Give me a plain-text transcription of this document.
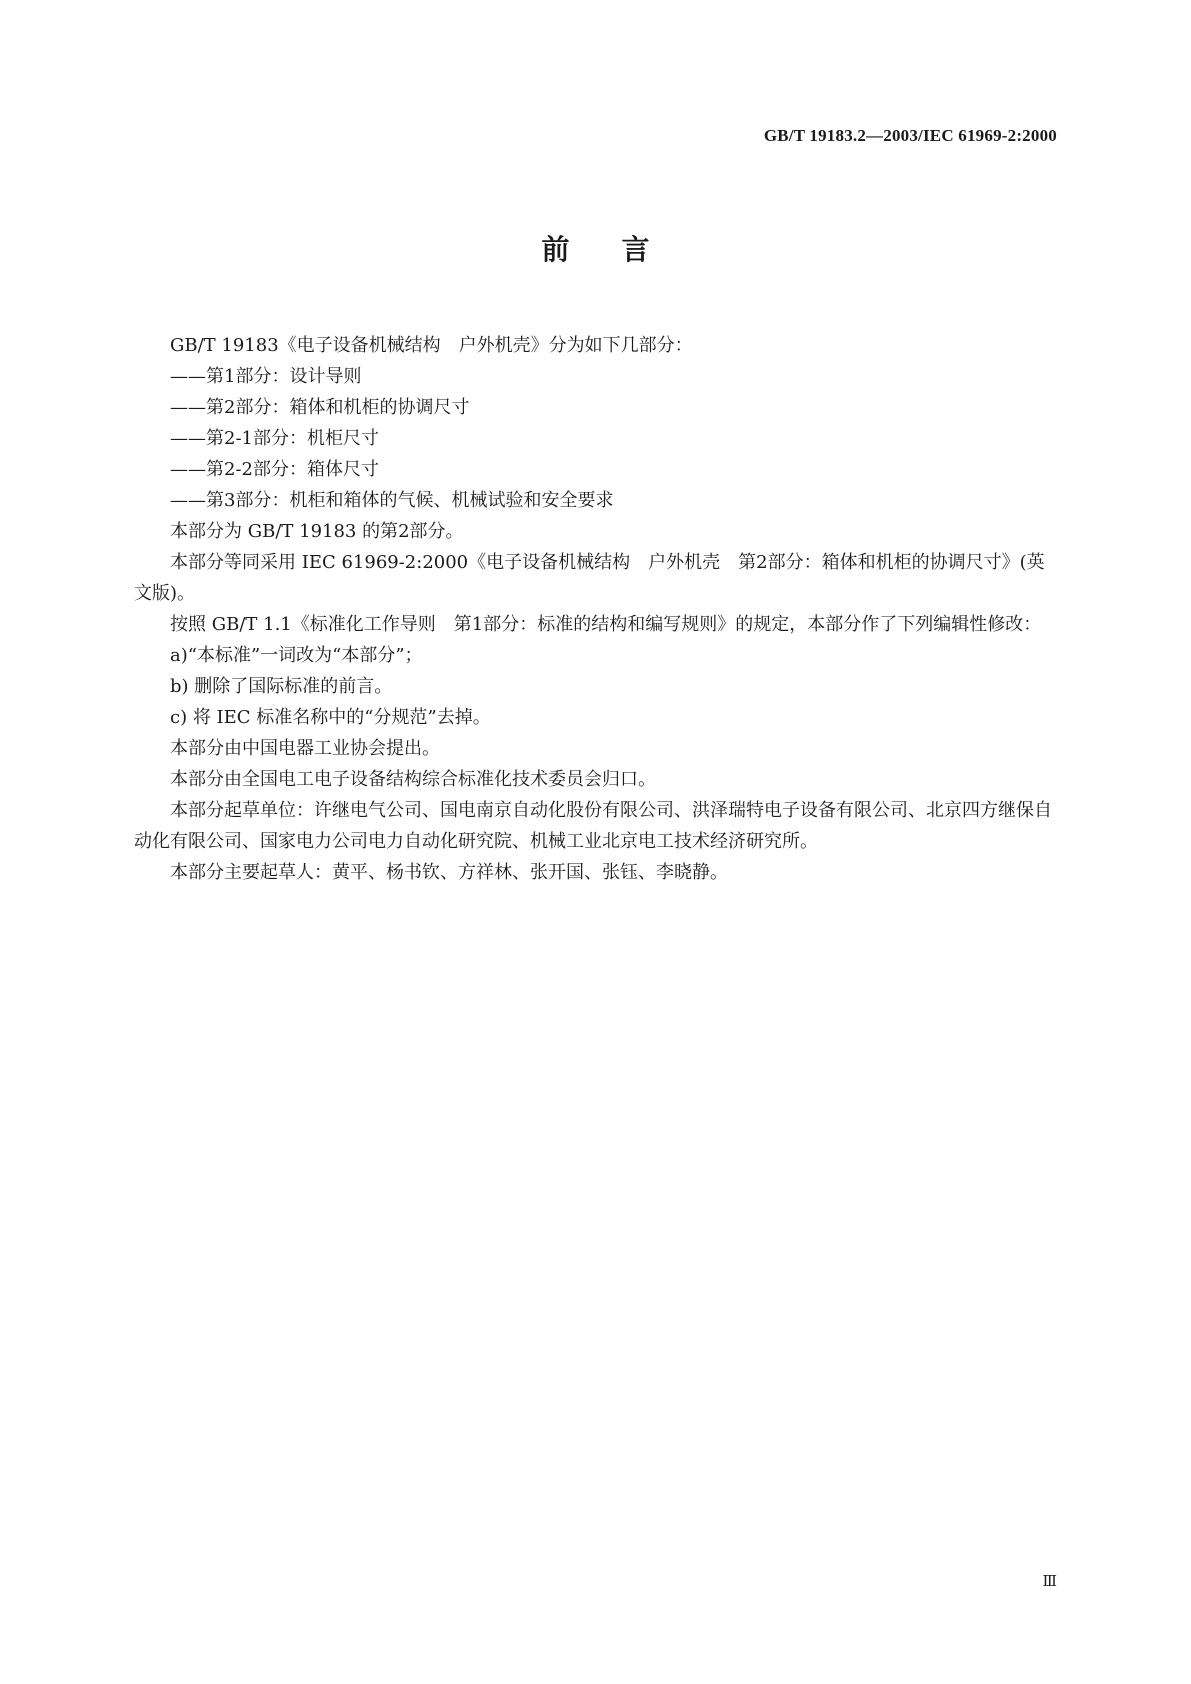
GB/T 19183.2—2003/IEC 61969-2:2000
前 言

GB/T 19183《电子设备机械结构　户外机壳》分为如下几部分：

——第1部分：设计导则

——第2部分：箱体和机柜的协调尺寸

——第2-1部分：机柜尺寸

——第2-2部分：箱体尺寸

——第3部分：机柜和箱体的气候、机械试验和安全要求

本部分为 GB/T 19183 的第2部分。

本部分等同采用 IEC 61969-2:2000《电子设备机械结构　户外机壳　第2部分：箱体和机柜的协调尺寸》(英文版)。

按照 GB/T 1.1《标准化工作导则　第1部分：标准的结构和编写规则》的规定，本部分作了下列编辑性修改：

a)“本标准”一词改为“本部分”；

b) 删除了国际标准的前言。

c) 将 IEC 标准名称中的“分规范”去掉。

本部分由中国电器工业协会提出。

本部分由全国电工电子设备结构综合标准化技术委员会归口。

本部分起草单位：许继电气公司、国电南京自动化股份有限公司、洪泽瑞特电子设备有限公司、北京四方继保自动化有限公司、国家电力公司电力自动化研究院、机械工业北京电工技术经济研究所。

本部分主要起草人：黄平、杨书钦、方祥林、张开国、张钰、李晓静。

Ⅲ
